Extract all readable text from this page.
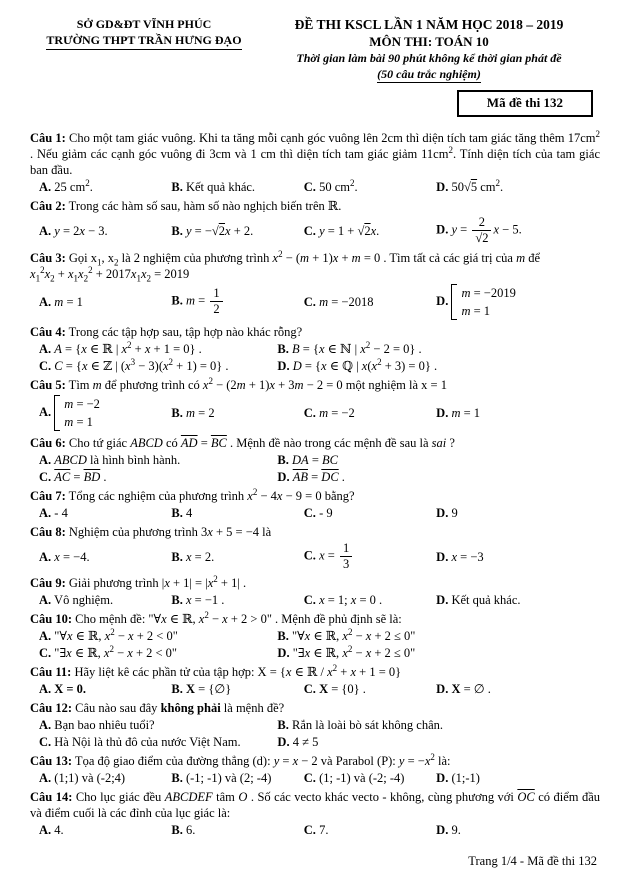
SỞ GD&ĐT VĨNH PHÚC
TRƯỜNG THPT TRẦN HƯNG ĐẠO
ĐỀ THI KSCL LẦN 1 NĂM HỌC 2018 – 2019
MÔN THI: TOÁN 10
Thời gian làm bài 90 phút không kể thời gian phát đề
(50 câu trắc nghiệm)
Mã đề thi 132
Câu 1: Cho một tam giác vuông. Khi ta tăng mỗi cạnh góc vuông lên 2cm thì diện tích tam giác tăng thêm $17cm^2$ . Nếu giảm các cạnh góc vuông đi 3cm và 1 cm thì diện tích tam giác giảm $11cm^2$. Tính diện tích của tam giác ban đầu.
A. 25 $cm^2$.	B. Kết quả khác.	C. 50 $cm^2$.	D. 50√5 $cm^2$.
Câu 2: Trong các hàm số sau, hàm số nào nghịch biến trên ℝ.
A. y = 2x − 3.	B. y = −√2x + 2.	C. y = 1 + √2x.	D. $y = \frac{2}{√2}$ x − 5.
Câu 3: Gọi $x_1$, $x_2$ là 2 nghiệm của phương trình $x^2 - (m + 1)x + m = 0$ . Tìm tất cả các giá trị của m để
$x_1^2x_2 + x_1x_2^2 + 2017x_1x_2 = 2019$
A. m = 1	B. $m = \frac{1}{2}$	C. m = −2018	D.
m = −2019
m = 1
Câu 4: Trong các tập hợp sau, tập hợp nào khác rỗng?
A. A = {x ∈ ℝ | $x^2 + x + 1 = 0$} .	B. B = {x ∈ ℕ | $x^2 - 2 = 0$} .
C. C = {x ∈ ℤ | $(x^3 - 3)(x^2 + 1) = 0$} .	D. D = {x ∈ ℚ | $x(x^2 + 3) = 0$} .
Câu 5: Tìm m để phương trình có $x^2 - (2m + 1)x + 3m - 2 = 0$ một nghiệm là x = 1
A.
m = −2
m = 1
B. m = 2	C. m = −2	D. m = 1
Câu 6: Cho tứ giác ABCD có $\overline{AD} = \overline{BC}$ . Mệnh đề nào trong các mệnh đề sau là sai ?
A. ABCD là hình bình hành.	B. DA = BC
C. $\overline{AC} = \overline{BD}$ .	D. $\overline{AB} = \overline{DC}$ .
Câu 7: Tổng các nghiệm của phương trình $x^2 - 4x - 9 = 0$ bằng?
A. - 4	B. 4	C. - 9	D. 9
Câu 8: Nghiệm của phương trình 3x + 5 = −4 là
A. x = −4.	B. x = 2.	C. $x = \frac{1}{3}$	D. x = −3
Câu 9: Giải phương trình $|x + 1| = |x^2 + 1|$ .
A. Vô nghiệm.	B. x = −1 .	C. x = 1; x = 0 .	D. Kết quả khác.
Câu 10: Cho mệnh đề: "∀x ∈ ℝ, $x^2 - x + 2 > 0$" . Mệnh đề phủ định sẽ là:
A. "∀x ∈ ℝ, $x^2 - x + 2 < 0$"	B. "∀x ∈ ℝ, $x^2 - x + 2 \le 0$"
C. "∃x ∈ ℝ, $x^2 - x + 2 < 0$"	D. "∃x ∈ ℝ, $x^2 - x + 2 \le 0$"
Câu 11: Hãy liệt kê các phần tử của tập hợp: X = {x ∈ ℝ / $x^2 + x + 1 = 0$}
A. X = 0.	B. X = {∅}	C. X = {0} .	D. X = ∅ .
Câu 12: Câu nào sau đây không phải là mệnh đề?
A. Bạn bao nhiêu tuổi?	B. Rắn là loài bò sát không chân.
C. Hà Nội là thủ đô của nước Việt Nam.	D. 4 ≠ 5
Câu 13: Tọa độ giao điểm của đường thẳng (d): y = x − 2 và Parabol (P): $y = -x^2$ là:
A. (1;1) và (-2;4)	B. (-1; -1) và (2; -4)	C. (1; -1) và (-2; -4)	D. (1;-1)
Câu 14: Cho lục giác đều ABCDEF tâm O . Số các vecto khác vecto - không, cùng phương với $\overline{OC}$ có điểm đầu và điểm cuối là các đỉnh của lục giác là:
A. 4.	B. 6.	C. 7.	D. 9.
Trang 1/4 - Mã đề thi 132
